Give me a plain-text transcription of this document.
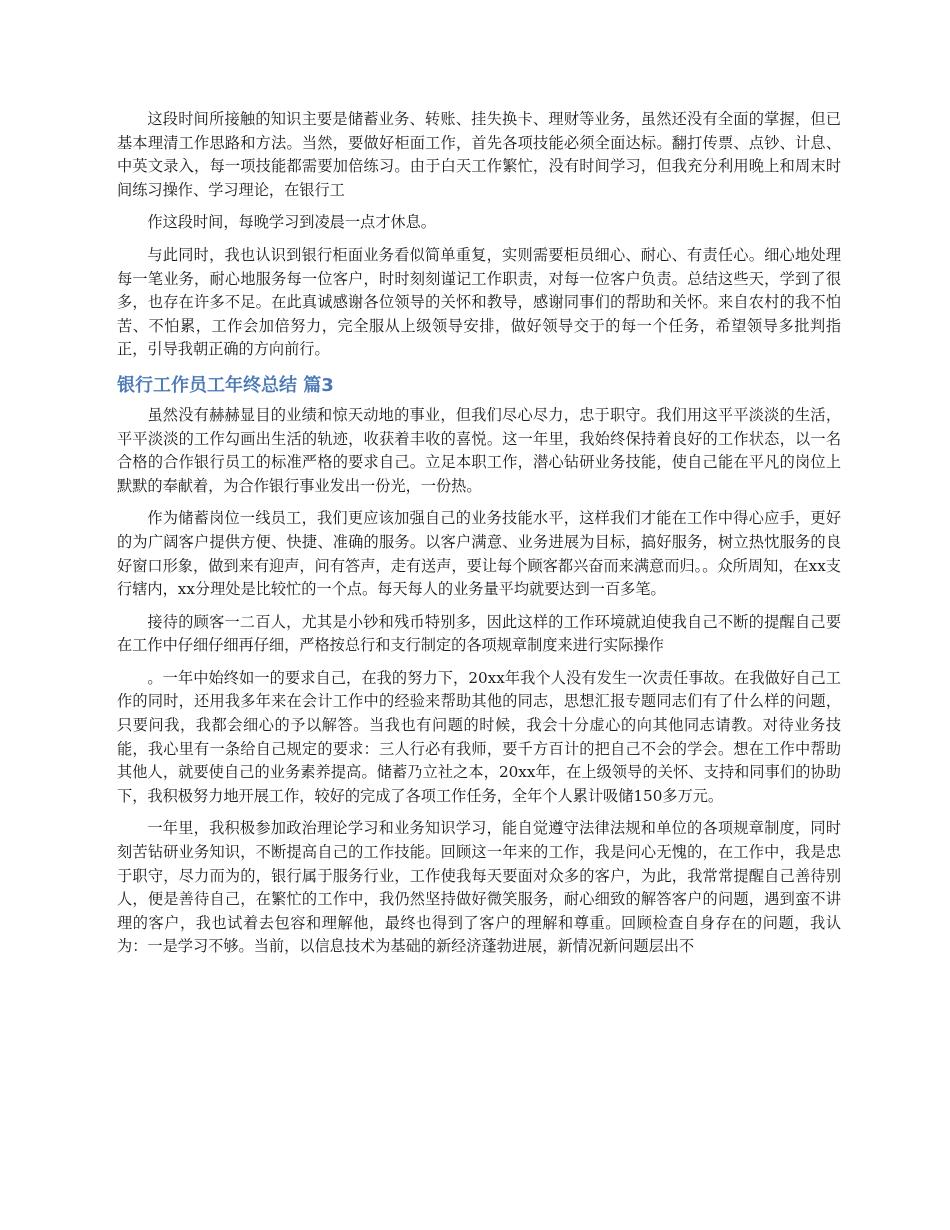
这段时间所接触的知识主要是储蓄业务、转账、挂失换卡、理财等业务，虽然还没有全面的掌握，但已基本理清工作思路和方法。当然，要做好柜面工作，首先各项技能必须全面达标。翻打传票、点钞、计息、中英文录入，每一项技能都需要加倍练习。由于白天工作繁忙，没有时间学习，但我充分利用晚上和周末时间练习操作、学习理论，在银行工

作这段时间，每晚学习到凌晨一点才休息。

与此同时，我也认识到银行柜面业务看似简单重复，实则需要柜员细心、耐心、有责任心。细心地处理每一笔业务，耐心地服务每一位客户，时时刻刻谨记工作职责，对每一位客户负责。总结这些天，学到了很多，也存在许多不足。在此真诚感谢各位领导的关怀和教导，感谢同事们的帮助和关怀。来自农村的我不怕苦、不怕累，工作会加倍努力，完全服从上级领导安排，做好领导交于的每一个任务，希望领导多批判指正，引导我朝正确的方向前行。

银行工作员工年终总结 篇3

虽然没有赫赫显目的业绩和惊天动地的事业，但我们尽心尽力，忠于职守。我们用这平平淡淡的生活，平平淡淡的工作勾画出生活的轨迹，收获着丰收的喜悦。这一年里，我始终保持着良好的工作状态，以一名合格的合作银行员工的标准严格的要求自己。立足本职工作，潜心钻研业务技能，使自己能在平凡的岗位上默默的奉献着，为合作银行事业发出一份光，一份热。

作为储蓄岗位一线员工，我们更应该加强自己的业务技能水平，这样我们才能在工作中得心应手，更好的为广阔客户提供方便、快捷、准确的服务。以客户满意、业务进展为目标，搞好服务，树立热忱服务的良好窗口形象，做到来有迎声，问有答声，走有送声，要让每个顾客都兴奋而来满意而归。。众所周知，在xx支行辖内，xx分理处是比较忙的一个点。每天每人的业务量平均就要达到一百多笔。

接待的顾客一二百人，尤其是小钞和残币特别多，因此这样的工作环境就迫使我自己不断的提醒自己要在工作中仔细仔细再仔细，严格按总行和支行制定的各项规章制度来进行实际操作

。一年中始终如一的要求自己，在我的努力下，20xx年我个人没有发生一次责任事故。在我做好自己工作的同时，还用我多年来在会计工作中的经验来帮助其他的同志，思想汇报专题同志们有了什么样的问题，只要问我，我都会细心的予以解答。当我也有问题的时候，我会十分虚心的向其他同志请教。对待业务技能，我心里有一条给自己规定的要求：三人行必有我师，要千方百计的把自己不会的学会。想在工作中帮助其他人，就要使自己的业务素养提高。储蓄乃立社之本，20xx年，在上级领导的关怀、支持和同事们的协助下，我积极努力地开展工作，较好的完成了各项工作任务，全年个人累计吸储150多万元。

一年里，我积极参加政治理论学习和业务知识学习，能自觉遵守法律法规和单位的各项规章制度，同时刻苦钻研业务知识，不断提高自己的工作技能。回顾这一年来的工作，我是问心无愧的，在工作中，我是忠于职守，尽力而为的，银行属于服务行业，工作使我每天要面对众多的客户，为此，我常常提醒自己善待别人，便是善待自己，在繁忙的工作中，我仍然坚持做好微笑服务，耐心细致的解答客户的问题，遇到蛮不讲理的客户，我也试着去包容和理解他，最终也得到了客户的理解和尊重。回顾检查自身存在的问题，我认为：一是学习不够。当前，以信息技术为基础的新经济蓬勃进展，新情况新问题层出不
